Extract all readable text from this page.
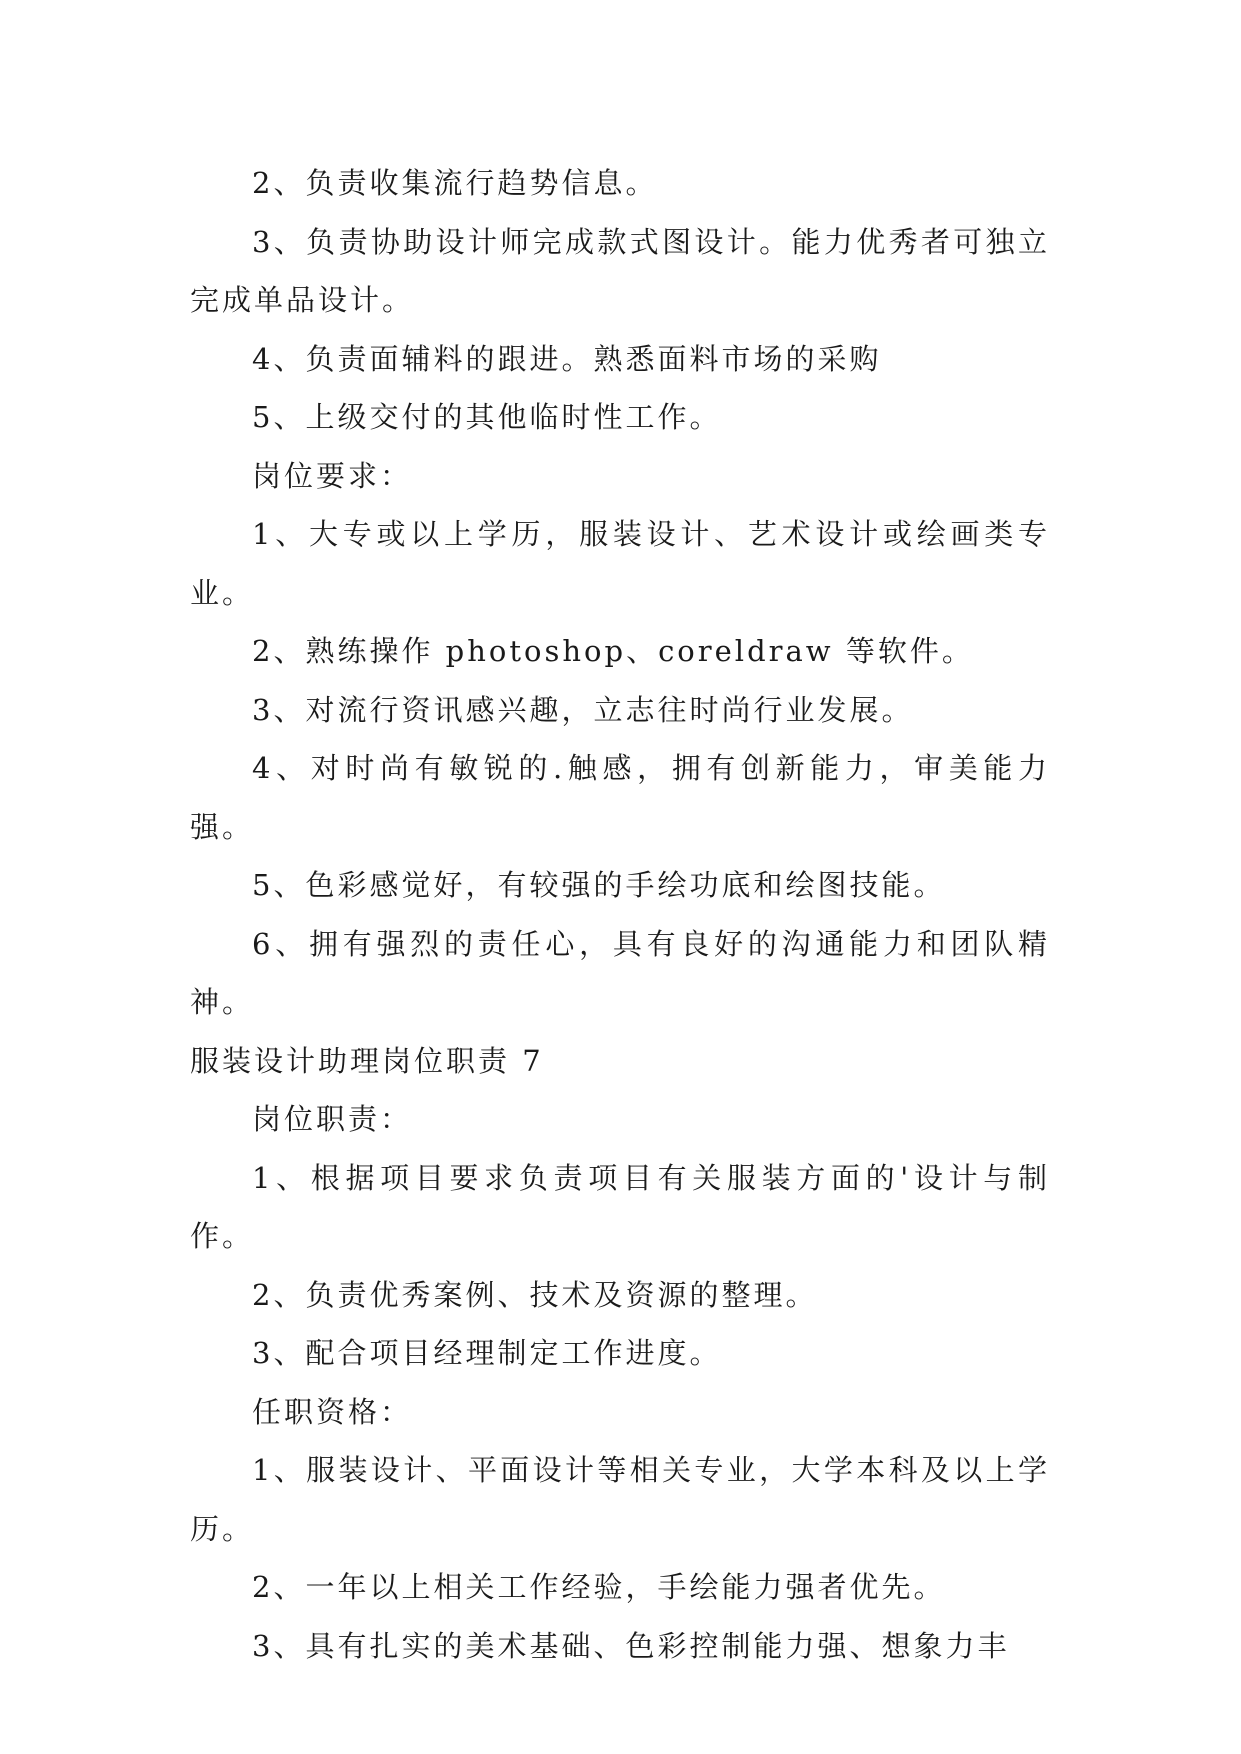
2、负责收集流行趋势信息。

3、负责协助设计师完成款式图设计。能力优秀者可独立完成单品设计。

4、负责面辅料的跟进。熟悉面料市场的采购

5、上级交付的其他临时性工作。

岗位要求：

1、大专或以上学历，服装设计、艺术设计或绘画类专业。

2、熟练操作 photoshop、coreldraw 等软件。

3、对流行资讯感兴趣，立志往时尚行业发展。

4、对时尚有敏锐的.触感，拥有创新能力，审美能力强。

5、色彩感觉好，有较强的手绘功底和绘图技能。

6、拥有强烈的责任心，具有良好的沟通能力和团队精神。

服装设计助理岗位职责 7

岗位职责：

1、根据项目要求负责项目有关服装方面的'设计与制作。

2、负责优秀案例、技术及资源的整理。

3、配合项目经理制定工作进度。

任职资格：

1、服装设计、平面设计等相关专业，大学本科及以上学历。

2、一年以上相关工作经验，手绘能力强者优先。

3、具有扎实的美术基础、色彩控制能力强、想象力丰
